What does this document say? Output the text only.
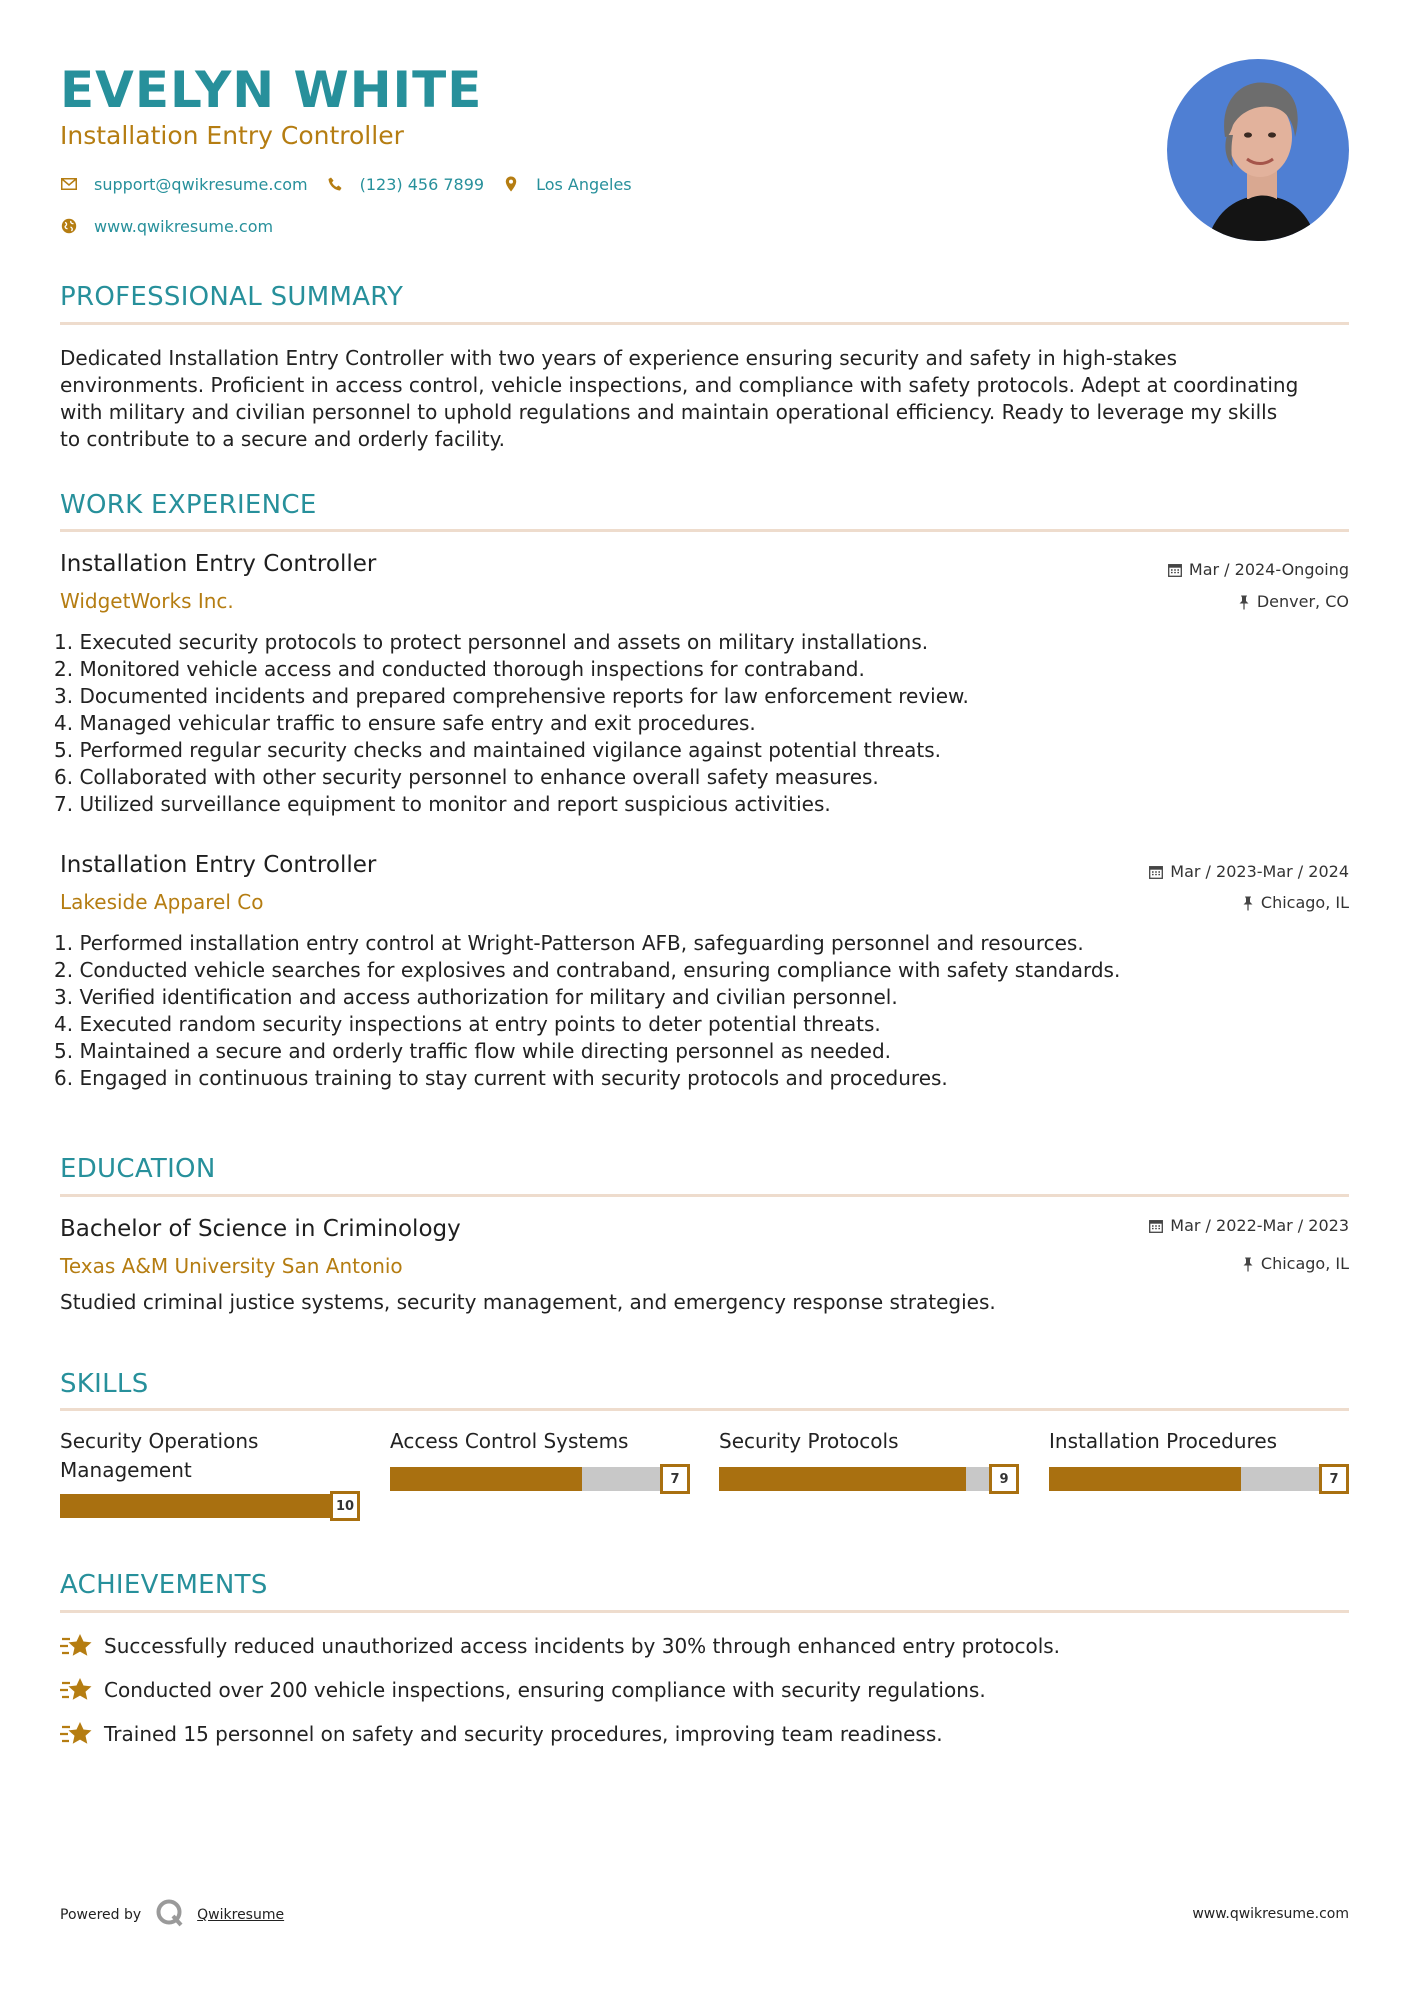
EVELYN WHITE
Installation Entry Controller
support@qwikresume.com	(123) 456 7899	Los Angeles
www.qwikresume.com
PROFESSIONAL SUMMARY
Dedicated Installation Entry Controller with two years of experience ensuring security and safety in high-stakes environments. Proficient in access control, vehicle inspections, and compliance with safety protocols. Adept at coordinating with military and civilian personnel to uphold regulations and maintain operational efficiency. Ready to leverage my skills to contribute to a secure and orderly facility.
WORK EXPERIENCE
Installation Entry Controller
WidgetWorks Inc.
Mar / 2024-Ongoing
Denver, CO
1. Executed security protocols to protect personnel and assets on military installations.
2. Monitored vehicle access and conducted thorough inspections for contraband.
3. Documented incidents and prepared comprehensive reports for law enforcement review.
4. Managed vehicular traffic to ensure safe entry and exit procedures.
5. Performed regular security checks and maintained vigilance against potential threats.
6. Collaborated with other security personnel to enhance overall safety measures.
7. Utilized surveillance equipment to monitor and report suspicious activities.
Installation Entry Controller
Lakeside Apparel Co
Mar / 2023-Mar / 2024
Chicago, IL
1. Performed installation entry control at Wright-Patterson AFB, safeguarding personnel and resources.
2. Conducted vehicle searches for explosives and contraband, ensuring compliance with safety standards.
3. Verified identification and access authorization for military and civilian personnel.
4. Executed random security inspections at entry points to deter potential threats.
5. Maintained a secure and orderly traffic flow while directing personnel as needed.
6. Engaged in continuous training to stay current with security protocols and procedures.
EDUCATION
Bachelor of Science in Criminology
Texas A&M University San Antonio
Mar / 2022-Mar / 2023
Chicago, IL
Studied criminal justice systems, security management, and emergency response strategies.
SKILLS
Security Operations Management
10
Access Control Systems
7
Security Protocols
9
Installation Procedures
7
ACHIEVEMENTS
Successfully reduced unauthorized access incidents by 30% through enhanced entry protocols.
Conducted over 200 vehicle inspections, ensuring compliance with security regulations.
Trained 15 personnel on safety and security procedures, improving team readiness.
Powered by	Qwikresume	www.qwikresume.com
